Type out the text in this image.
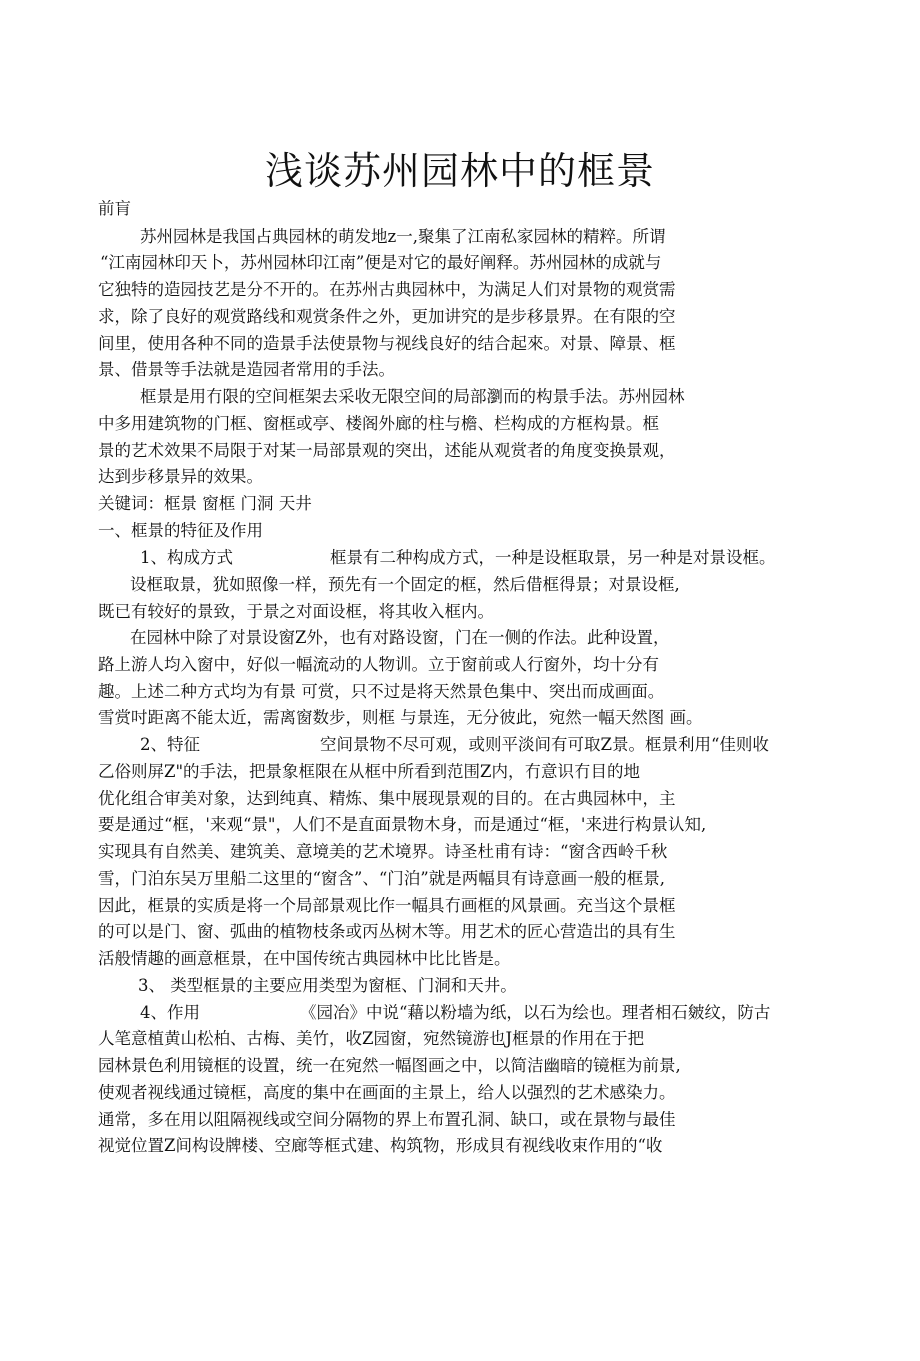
浅谈苏州园林中的框景
前肓
苏州园林是我国占典园林的萌发地z一,聚集了江南私家园林的精粹。所谓
“江南园林印天卜，苏州园林印江南”便是对它的最好阐释。苏州园林的成就与
它独特的造园技艺是分不开的。在苏州古典园林中，为满足人们对景物的观赏需
求，除了良好的观赏路线和观赏条件之外，更加讲究的是步移景界。在有限的空
间里，使用各种不同的造景手法使景物与视线良好的结合起來。对景、障景、框
景、借景等手法就是造园者常用的手法。
框景是用冇限的空间框架去采收无限空间的局部瀏而的构景手法。苏州园林
中多用建筑物的门框、窗框或亭、楼阁外廊的柱与檐、栏构成的方框构景。框
景的艺术效果不局限于对某一局部景观的突出，述能从观赏者的角度变换景观，
达到步移景异的效果。
关键词：框景 窗框 门洞 天井
一、框景的特征及作用
1、构成方式	框景有二种构成方式，一种是设框取景，另一种是对景设框。
设框取景，犹如照像一样，预先有一个固定的框，然后借框得景；对景设框,
既已有较好的景致，于景之对面设框，将其收入框内。
在园林中除了对景设窗Z外，也有对路设窗，门在一侧的作法。此种设置，
路上游人均入窗中，好似一幅流动的人物训。立于窗前或人行窗外，均十分有
趣。上述二种方式均为有景 可赏，只不过是将天然景色集中、突出而成画面。
雪赏吋距离不能太近，需离窗数步，则框 与景连，无分彼此，宛然一幅天然图 画。
2、特征	空间景物不尽可观，或则平淡间有可取Z景。框景利用“佳则收
乙俗则屏Z"的手法，把景象框限在从框中所看到范围Z内，冇意识冇目的地
优化组合审美对象，达到纯真、精炼、集中展现景观的目的。在古典园林中，主
要是通过“框，'来观“景"，人们不是直面景物木身，而是通过“框，'来进行构景认知,
实现具有自然美、建筑美、意境美的艺术境界。诗圣杜甫有诗：“窗含西岭千秋
雪，门泊东吴万里船二这里的“窗含”、“门泊”就是两幅貝有诗意画一般的框景,
因此，框景的实质是将一个局部景观比作一幅具冇画框的风景画。充当这个景框
的可以是门、窗、弧曲的植物枝条或丙丛树木等。用艺术的匠心营造岀的具有生
活般情趣的画意框景，在中国传统古典园林中比比皆是。
3、 类型框景的主要应用类型为窗框、门洞和天井。
4、作用	《园冶》中说“藉以粉墙为纸，以石为绘也。理者相石皴纹，防古
人笔意植黄山松柏、古梅、美竹，收Z园窗，宛然镜游也J框景的作用在于把
园林景色利用镜框的设置，统一在宛然一幅图画之中，以简洁幽暗的镜框为前景,
使观者视线通过镜框，高度的集中在画面的主景上，给人以强烈的艺术感染力。
通常，多在用以阻隔视线或空间分隔物的界上布置孔洞、缺口，或在景物与最佳
视觉位置Z间构设牌楼、空廊等框式建、构筑物，形成貝有视线收束作用的“收
